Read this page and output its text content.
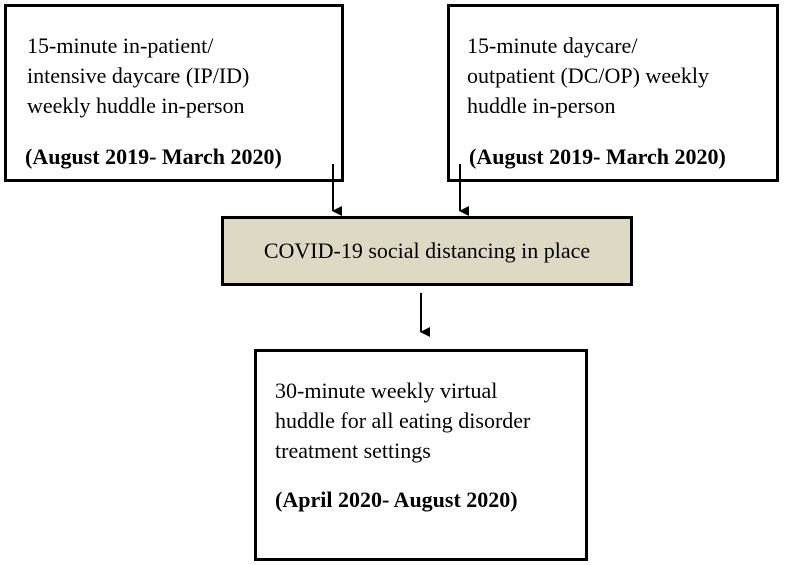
15-minute in-patient/
intensive daycare (IP/ID)
weekly huddle in-person
(August 2019- March 2020)
15-minute daycare/
outpatient (DC/OP) weekly
huddle in-person
(August 2019- March 2020)
COVID-19 social distancing in place
30-minute weekly virtual
huddle for all eating disorder
treatment settings
(April 2020- August 2020)
